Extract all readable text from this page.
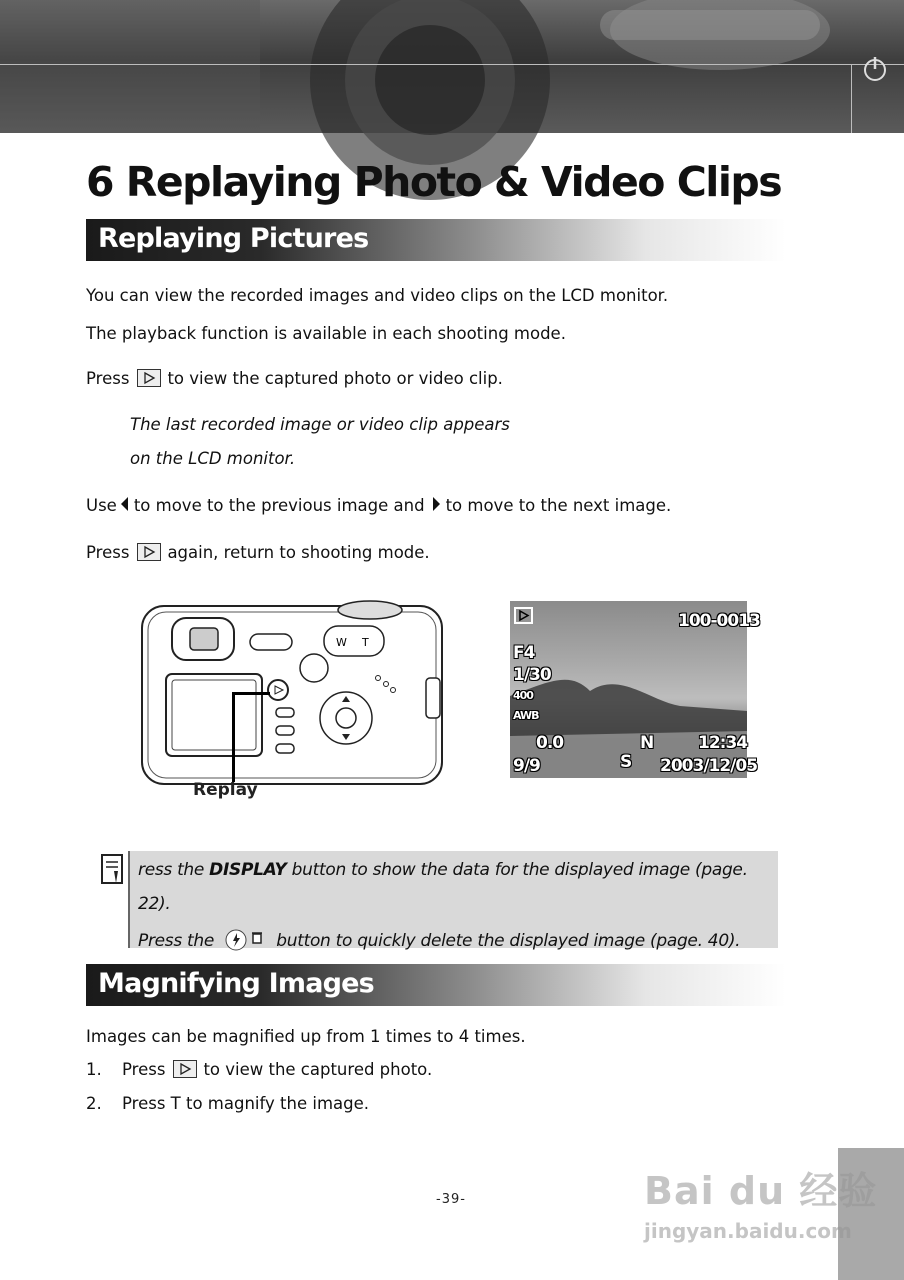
6 Replaying Photo & Video Clips
Replaying Pictures
You can view the recorded images and video clips on the LCD monitor.
The playback function is available in each shooting mode.
Press to view the captured photo or video clip.
The last recorded image or video clip appears
on the LCD monitor.
Use to move to the previous image and to move to the next image.
Press again, return to shooting mode.
W T
Replay
100-0013
F4
1/30
400
AWB
0.0
9/9
N
S
12:34
2003/12/05
ress the DISPLAY button to show the data for the displayed image (page.
22).
Press the	button to quickly delete the displayed image (page. 40).
Magnifying Images
Images can be magnified up from 1 times to 4 times.
1. Press to view the captured photo.
2. Press T to magnify the image.
-39-	Bai du 经验
jingyan.baidu.com
